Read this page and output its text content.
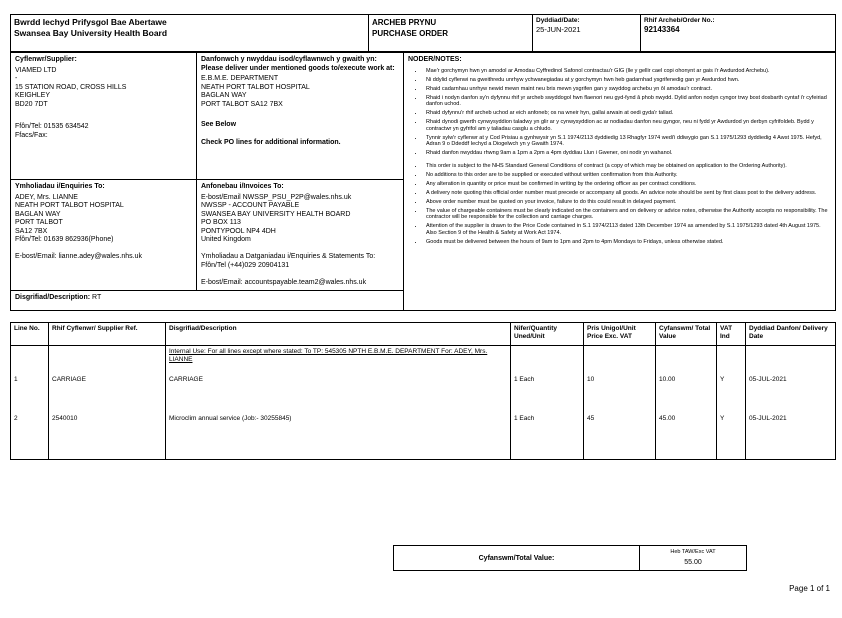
Bwrdd Iechyd Prifysgol Bae Abertawe
Swansea Bay University Health Board

ARCHEB PRYNU
PURCHASE ORDER

Dyddiad/Date:
25-JUN-2021

Rhif Archeb/Order No.:
92143364
Cyflenwr/Supplier:
VIAMED LTD
-
15 STATION ROAD, CROSS HILLS
KEIGHLEY
BD20 7DT
Ffôn/Tel: 01535 634542
Ffacs/Fax:

Danfonwch y nwyddau isod/cyflawnwch y gwaith yn: Please deliver under mentioned goods to/execute work at:
E.B.M.E. DEPARTMENT
NEATH PORT TALBOT HOSPITAL
BAGLAN WAY
PORT TALBOT SA12 7BX
See Below
Check PO lines for additional information.

NODER/NOTES:
• Mae'r gorchymyn hwn yn amodol ar Amodau Cyffredinol Safonol contractau'r GIG (lle y gellir cael copi ohonynt ar gais i'r Awdurdod Archebu).
• Ni ddylid cyflenwi na gweithredu unrhyw ychwanegiadau at y gorchymyn hwn heb gadarnhad ysgrifenedig gan yr Awdurdod hwn.
• Rhaid cadarnhau unrhyw newid mewn maint neu bris mewn ysgrifen gan y swyddog archebu yn ôl amodau'r contract.
• Rhaid i nodyn danfon sy'n dyfynnu rhif yr archeb swyddogol hwn flaenori neu gyd-fynd â phob nwydd. Dylid anfon nodyn cyngor trwy bost dosbarth cyntaf i'r cyfeiriad danfon uchod.
• Rhaid dyfynnu'r rhif archeb uchod ar eich anfoneb; os na wneir hyn, gallai arwain at oedi gyda'r taliad.
• Rhaid dynodi gwerth cynwysyddion taladwy yn glir ar y cynwysyddion ac ar nodiadau danfon neu gyngor, neu ni fydd yr Awdurdod yn derbyn cyfrifoldeb. Bydd y contractwr yn gyfrifol am y taliadau casglu a chludo.
• Tynnir sylw'r cyflenwr at y Cod Prisiau a gynhwysir yn S.1 1974/2113 dyddiedig 13 Rhagfyr 1974 wedi'i ddiwygio gan S.1 1975/1293 dyddiedig 4 Awst 1975. Hefyd, Adran 9 o Ddeddf Iechyd a Diogelwch yn y Gwaith 1974.
• Rhaid danfon nwyddau rhwng 9am a 1pm a 2pm a 4pm dyddiau Llun i Gwener, oni nodir yn wahanol.
• This order is subject to the NHS Standard General Conditions of contract (a copy of which may be obtained on application to the Ordering Authority).
• No additions to this order are to be supplied or executed without written confirmation from this Authority.
• Any alteration in quantity or price must be confirmed in writing by the ordering officer as per contract conditions.
• A delivery note quoting this official order number must precede or accompany all goods. An advice note should be sent by first class post to the delivery address.
• Above order number must be quoted on your invoice, failure to do this could result in delayed payment.
• The value of chargeable containers must be clearly indicated on the containers and on delivery or advice notes, otherwise the Authority accepts no responsibility. The contractor will be responsible for the collection and carriage charges.
• Attention of the supplier is drawn to the Price Code contained in S.1 1974/2113 dated 13th December 1974 as amended by S.1 1975/1293 dated 4th August 1975. Also Section 9 of the Health & Safety at Work Act 1974.
• Goods must be delivered between the hours of 9am to 1pm and 2pm to 4pm Mondays to Fridays, unless otherwise stated.

Ymholiadau i/Enquiries To:
ADEY, Mrs. LIANNE
NEATH PORT TALBOT HOSPITAL
BAGLAN WAY
PORT TALBOT
SA12 7BX
Ffôn/Tel: 01639 862936(Phone)
E-bost/Email: lianne.adey@wales.nhs.uk

Anfonebau i/Invoices To:
E-bost/Email NWSSP_PSU_P2P@wales.nhs.uk
NWSSP - ACCOUNT PAYABLE
SWANSEA BAY UNIVERSITY HEALTH BOARD
PO BOX 113
PONTYPOOL NP4 4DH
United Kingdom
Ymholiadau a Datganiadau i/Enquiries & Statements To:
Ffôn/Tel (+44)029 20904131
E-bost/Email: accountspayable.team2@wales.nhs.uk

Disgrifiad/Description: RT		
Line No.	Rhif Cyflenwr/ Supplier Ref.	Disgrifiad/Description	Nifer/Quantity Uned/Unit	Pris Unigol/Unit Price Exc. VAT	Cyfanswm/ Total Value	VAT Ind	Dyddiad Danfon/ Delivery Date
		Internal Use: For all lines except where stated: To TP: 545305 NPTH E.B.M.E. DEPARTMENT For: ADEY, Mrs. LIANNE					
1	CARRIAGE	CARRIAGE	1 Each	10	10.00	Y	05-JUL-2021
2	2540010	Microclim annual service (Job:- 30255845)	1 Each	45	45.00	Y	05-JUL-2021

Cyfanswm/Total Value:
Heb TAW/Exc VAT
55.00
Page 1 of 1
